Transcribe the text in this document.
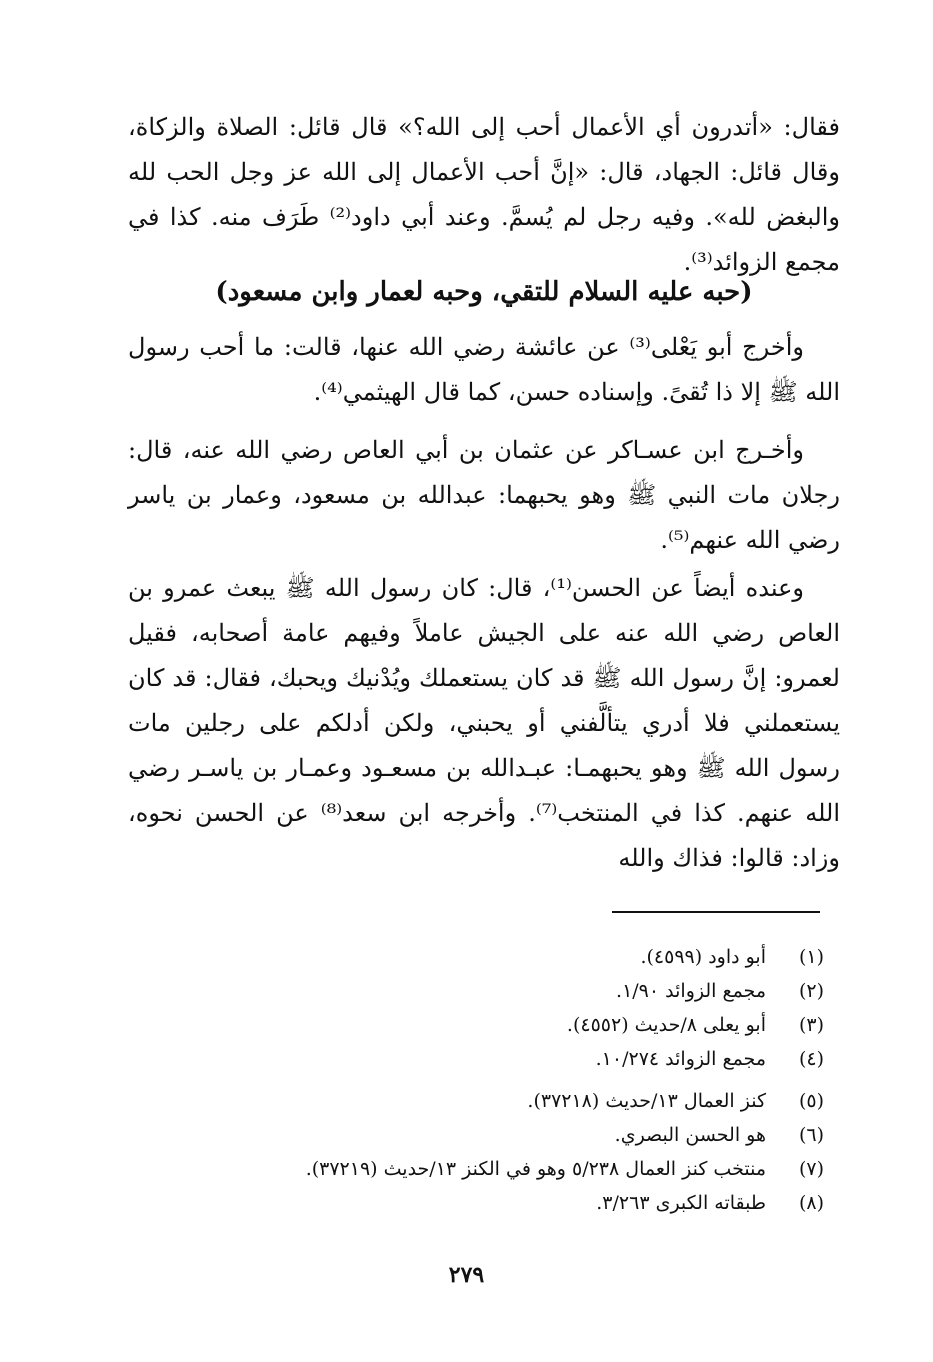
فقال: «أتدرون أي الأعمال أحب إلى الله؟» قال قائل: الصلاة والزكاة، وقال قائل: الجهاد، قال: «إنَّ أحب الأعمال إلى الله عز وجل الحب لله والبغض لله». وفيه رجل لم يُسمَّ. وعند أبي داود⁽²⁾ طَرَف منه. كذا في مجمع الزوائد⁽³⁾.

(حبه عليه السلام للتقي، وحبه لعمار وابن مسعود)

وأخرج أبو يَعْلى⁽³⁾ عن عائشة رضي الله عنها، قالت: ما أحب رسول الله ﷺ إلا ذا تُقىً. وإسناده حسن، كما قال الهيثمي⁽⁴⁾.

وأخـرج ابن عسـاكر عن عثمان بن أبي العاص رضي الله عنه، قال: رجلان مات النبي ﷺ وهو يحبهما: عبدالله بن مسعود، وعمار بن ياسر رضي الله عنهم⁽⁵⁾.

وعنده أيضاً عن الحسن⁽¹⁾، قال: كان رسول الله ﷺ يبعث عمرو بن العاص رضي الله عنه على الجيش عاملاً وفيهم عامة أصحابه، فقيل لعمرو: إنَّ رسول الله ﷺ قد كان يستعملك ويُدْنيك ويحبك، فقال: قد كان يستعملني فلا أدري يتألَّفني أو يحبني، ولكن أدلكم على رجلين مات رسول الله ﷺ وهو يحبهمـا: عبـدالله بن مسعـود وعمـار بن ياسـر رضي الله عنهم. كذا في المنتخب⁽⁷⁾. وأخرجه ابن سعد⁽⁸⁾ عن الحسن نحوه، وزاد: قالوا: فذاك والله

(١)
أبو داود (٤٥٩٩).
(٢)
مجمع الزوائد ١/٩٠.
(٣)
أبو يعلى ٨/حديث (٤٥٥٢).
(٤)
مجمع الزوائد ١٠/٢٧٤.
(٥)
كنز العمال ١٣/حديث (٣٧٢١٨).
(٦)
هو الحسن البصري.
(٧)
منتخب كنز العمال ٥/٢٣٨ وهو في الكنز ١٣/حديث (٣٧٢١٩).
(٨)
طبقاته الكبرى ٣/٢٦٣.
٢٧٩
